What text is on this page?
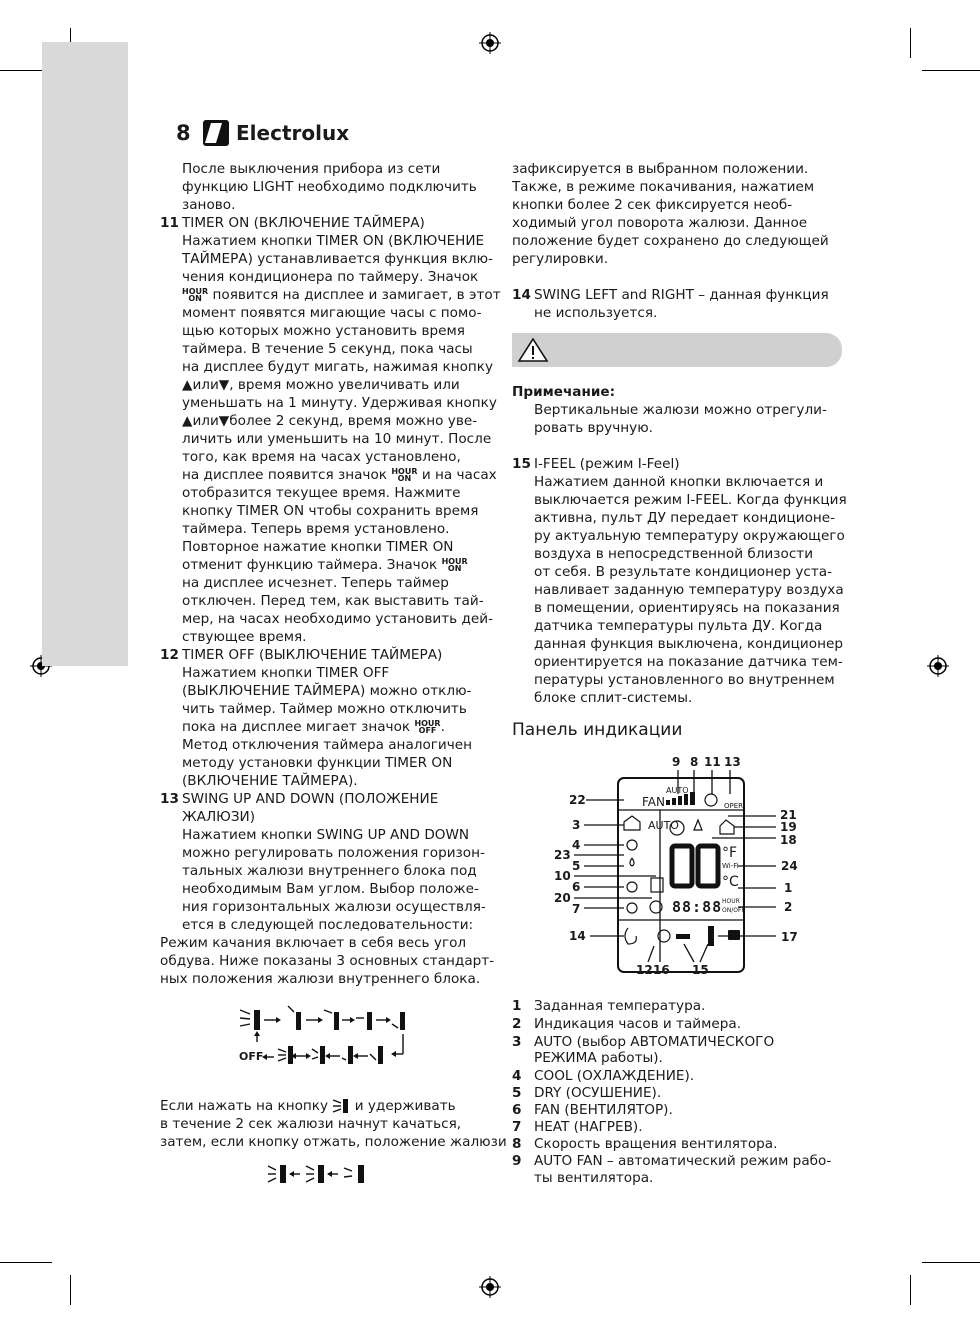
8 Electrolux
После выключения прибора из сети
функцию LIGHT необходимо подключить
заново.
11 TIMER ON (ВКЛЮЧЕНИЕ ТАЙМЕРА)
Нажатием кнопки TIMER ON (ВКЛЮЧЕНИЕ
ТАЙМЕРА) устанавливается функция вклю-
чения кондиционера по таймеру. Значок
HOUR
ON появится на дисплее и замигает, в этот
момент появятся мигающие часы с помо-
щью которых можно установить время
таймера. В течение 5 секунд, пока часы
на дисплее будут мигать, нажимая кнопку
▲или▼, время можно увеличивать или
уменьшать на 1 минуту. Удерживая кнопку
▲или▼более 2 секунд, время можно уве-
личить или уменьшить на 10 минут. После
того, как время на часах установлено,
на дисплее появится значок HOUR
ON и на часах
отобразится текущее время. Нажмите
кнопку TIMER ON чтобы сохранить время
таймера. Теперь время установлено.
Повторное нажатие кнопки TIMER ON
отменит функцию таймера. Значок HOUR
ON
на дисплее исчезнет. Теперь таймер
отключен. Перед тем, как выставить тай-
мер, на часах необходимо установить дей-
ствующее время.
12 TIMER OFF (ВЫКЛЮЧЕНИЕ ТАЙМЕРА)
Нажатием кнопки TIMER OFF
(ВЫКЛЮЧЕНИЕ ТАЙМЕРА) можно отклю-
чить таймер. Таймер можно отключить
пока на дисплее мигает значок HOUR
OFF .
Метод отключения таймера аналогичен
методу установки функции TIMER ON
(ВКЛЮЧЕНИЕ ТАЙМЕРА).
13 SWING UP AND DOWN (ПОЛОЖЕНИЕ
ЖАЛЮЗИ)
Нажатием кнопки SWING UP AND DOWN
можно регулировать положения горизон-
тальных жалюзи внутреннего блока под
необходимым Вам углом. Выбор положе-
ния горизонтальных жалюзи осуществля-
ется в следующей последовательности:
Режим качания включает в себя весь угол
обдува. Ниже показаны 3 основных стандарт-
ных положения жалюзи внутреннего блока.
OFF
Если нажать на кнопку и удерживать
в течение 2 сек жалюзи начнут качаться,
затем, если кнопку отжать, положение жалюзи
зафиксируется в выбранном положении.
Также, в режиме покачивания, нажатием
кнопки более 2 сек фиксируется необ-
ходимый угол поворота жалюзи. Данное
положение будет сохранено до следующей
регулировки.
14 SWING LEFT and RIGHT – данная функция
не используется.
Примечание:
Вертикальные жалюзи можно отрегули-
ровать вручную.
15 I-FEEL (режим I-Feel)
Нажатием данной кнопки включается и
выключается режим I-FEEL. Когда функция
активна, пульт ДУ передает кондиционе-
ру актуальную температуру окружающего
воздуха в непосредственной близости
от себя. В результате кондиционер уста-
навливает заданную температуру воздуха
в помещении, ориентируясь на показания
датчика температуры пульта ДУ. Когда
данная функция выключена, кондиционер
ориентируется на показание датчика тем-
пературы установленного во внутреннем
блоке сплит-системы.
Панель индикации
FAN
AUTO
AUTO
OPER
°F
Wi-Fi
°C
88:88 HOUR
ON/OFF
9 8 11 13
22
21
19
3
18
4
23
24
5
10
1
6
20
2
7
14	17
12 16 15
1 Заданная температура.
2 Индикация часов и таймера.
3 AUTO (выбор АВТОМАТИЧЕСКОГО
РЕЖИМА работы).
4 COOL (ОХЛАЖДЕНИЕ).
5 DRY (ОСУШЕНИЕ).
6 FAN (ВЕНТИЛЯТОР).
7 HEAT (НАГРЕВ).
8 Скорость вращения вентилятора.
9 AUTO FAN – автоматический режим рабо-
ты вентилятора.
